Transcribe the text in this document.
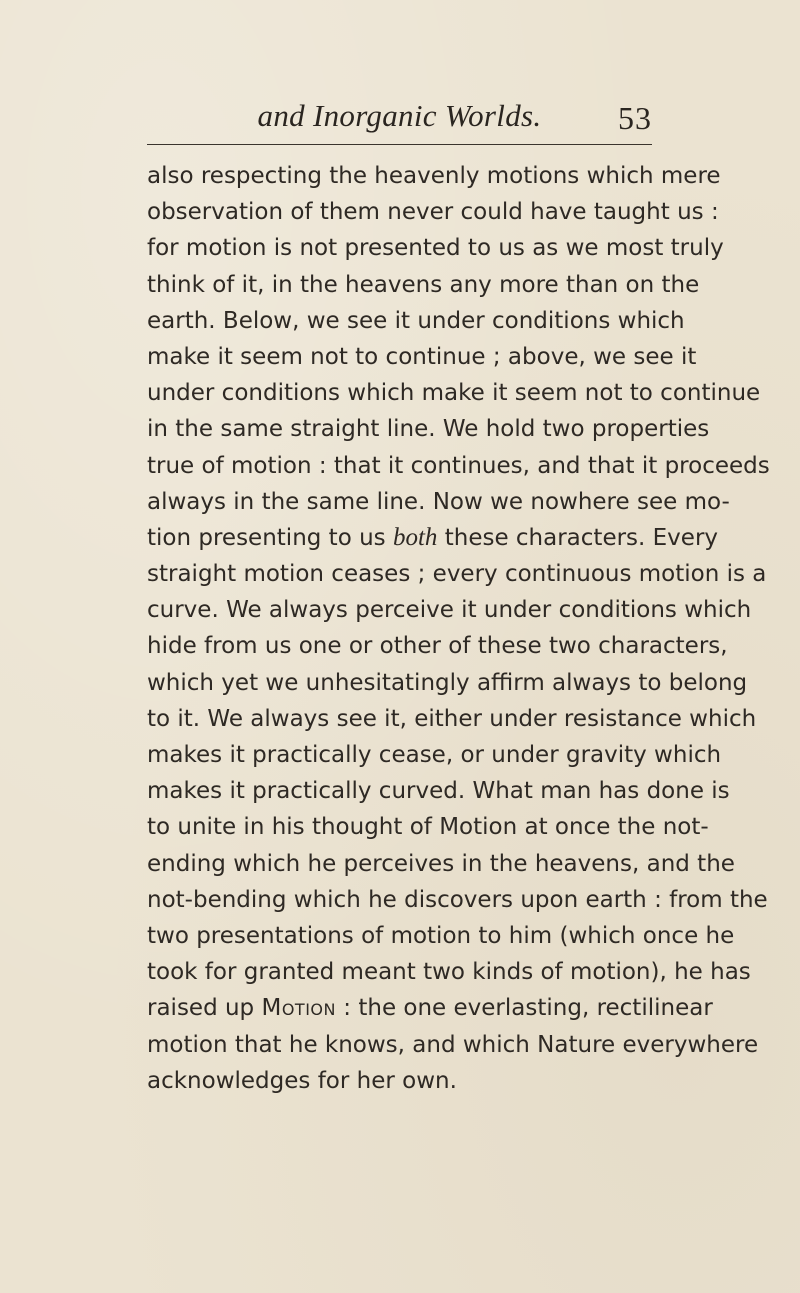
and Inorganic Worlds.	53
also respecting the heavenly motions which mere
observation of them never could have taught us :
for motion is not presented to us as we most truly
think of it, in the heavens any more than on the
earth. Below, we see it under conditions which
make it seem not to continue ; above, we see it
under conditions which make it seem not to continue
in the same straight line. We hold two properties
true of motion : that it continues, and that it proceeds
always in the same line. Now we nowhere see mo-
tion presenting to us both these characters. Every
straight motion ceases ; every continuous motion is a
curve. We always perceive it under conditions which
hide from us one or other of these two characters,
which yet we unhesitatingly affirm always to belong
to it. We always see it, either under resistance which
makes it practically cease, or under gravity which
makes it practically curved. What man has done is
to unite in his thought of Motion at once the not-
ending which he perceives in the heavens, and the
not-bending which he discovers upon earth : from the
two presentations of motion to him (which once he
took for granted meant two kinds of motion), he has
raised up Motion : the one everlasting, rectilinear
motion that he knows, and which Nature everywhere
acknowledges for her own.
